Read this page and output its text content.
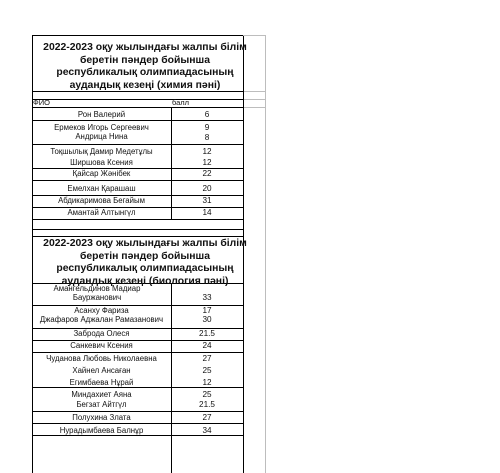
2022-2023 оқу жылындағы жалпы білім беретін пәндер бойынша республикалық олимпиадасының аудандық кезеңі (химия пәні)
ФИО	балл
Рон Валерий	6
Ермеков Игорь Сергеевич	9
Андрица Нина	8
Тоқшылық Дамир Медетұлы	12
Ширшова Ксения	12
Қайсар Жәнібек	22
Емелхан Қарашаш	20
Абдикаримова Бегайым	31
Амантай Алтынгүл	14
2022-2023 оқу жылындағы жалпы білім беретін пәндер бойынша республикалық олимпиадасының аудандық кезеңі (биология пәні)
Амангельдинов Мадиар Бауржанович	33
Асанху Фариза	17
Джафаров Аджалан Рамазанович	30
Заброда Олеся	21.5
Санкевич Ксения	24
Чуданова Любовь Николаевна	27
Хайнел Ансаған	25
Егимбаева Нұрай	12
Миндахиет Аяна	25
Бегзат Айтгүл	21.5
Полухина Злата	27
Нурадымбаева Балнұр	34
